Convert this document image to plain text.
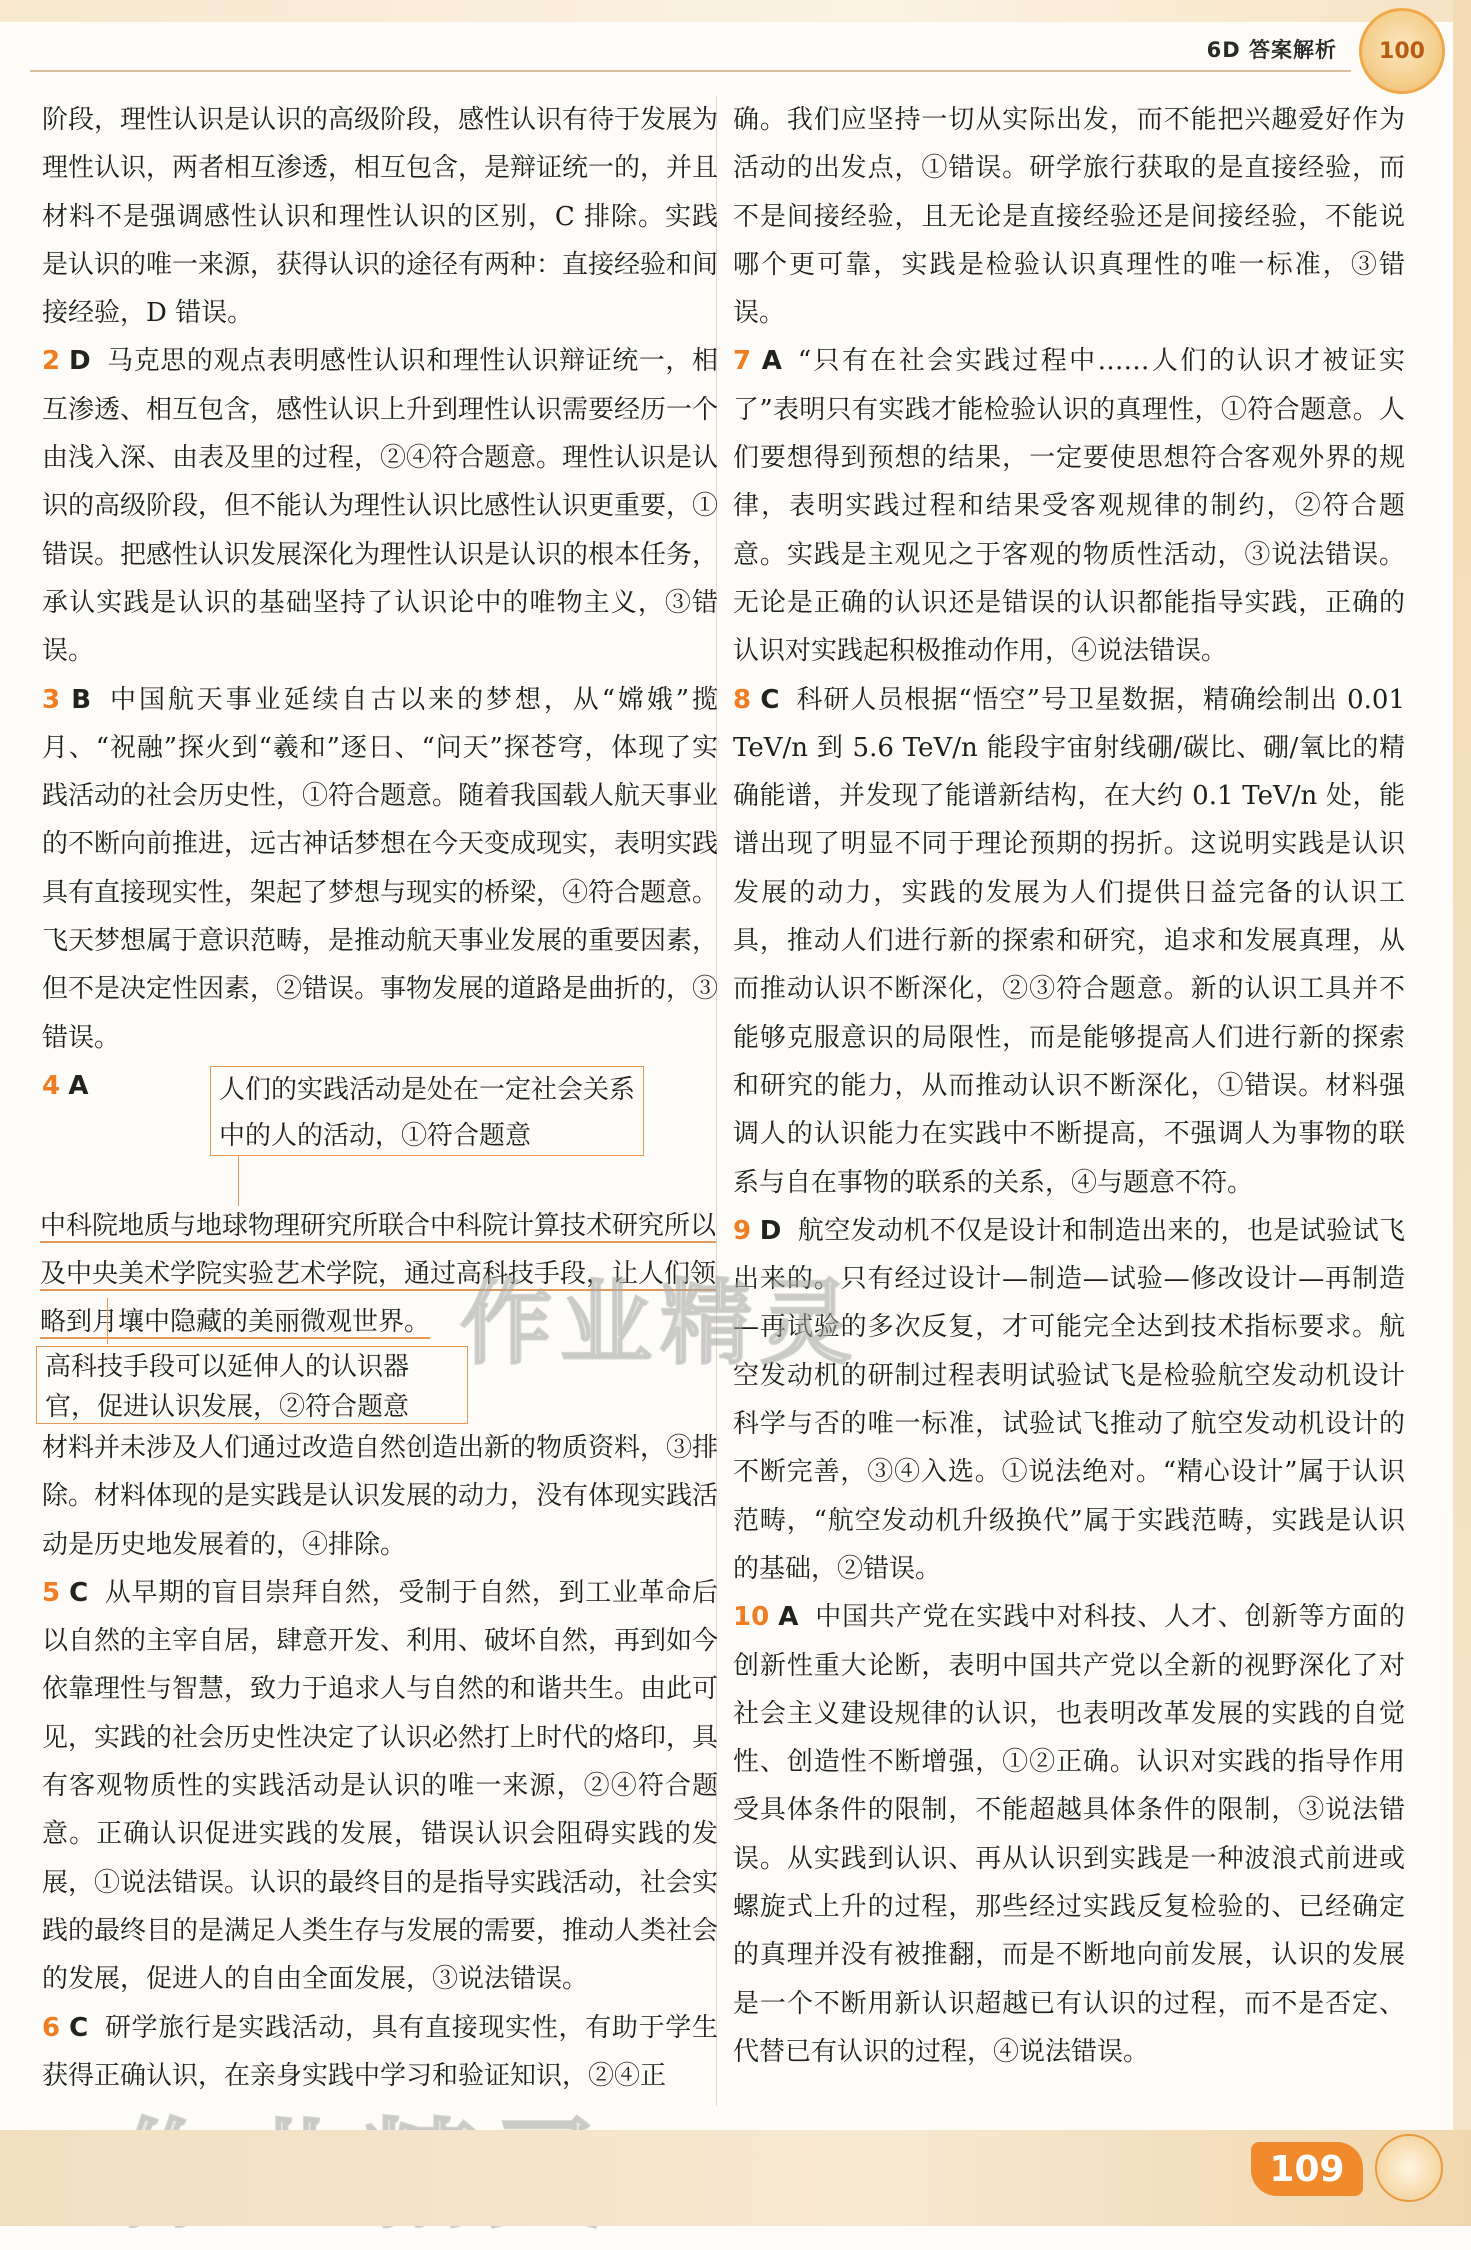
6D 答案解析 100

阶段，理性认识是认识的高级阶段，感性认识有待于发展为理性认识，两者相互渗透，相互包含，是辩证统一的，并且材料不是强调感性认识和理性认识的区别，C 排除。实践是认识的唯一来源，获得认识的途径有两种：直接经验和间接经验，D 错误。

2 D 马克思的观点表明感性认识和理性认识辩证统一，相互渗透、相互包含，感性认识上升到理性认识需要经历一个由浅入深、由表及里的过程，②④符合题意。理性认识是认识的高级阶段，但不能认为理性认识比感性认识更重要，①错误。把感性认识发展深化为理性认识是认识的根本任务，承认实践是认识的基础坚持了认识论中的唯物主义，③错误。

3 B 中国航天事业延续自古以来的梦想，从“嫦娥”揽月、“祝融”探火到“羲和”逐日、“问天”探苍穹，体现了实践活动的社会历史性，①符合题意。随着我国载人航天事业的不断向前推进，远古神话梦想在今天变成现实，表明实践具有直接现实性，架起了梦想与现实的桥梁，④符合题意。飞天梦想属于意识范畴，是推动航天事业发展的重要因素，但不是决定性因素，②错误。事物发展的道路是曲折的，③错误。

4 A	人们的实践活动是处在一定社会关系中的人的活动，①符合题意
中科院地质与地球物理研究所联合中科院计算技术研究所以及中央美术学院实验艺术学院，通过高科技手段，让人们领略到月壤中隐藏的美丽微观世界。
高科技手段可以延伸人的认识器官，促进认识发展，②符合题意

材料并未涉及人们通过改造自然创造出新的物质资料，③排除。材料体现的是实践是认识发展的动力，没有体现实践活动是历史地发展着的，④排除。

5 C 从早期的盲目崇拜自然，受制于自然，到工业革命后以自然的主宰自居，肆意开发、利用、破坏自然，再到如今依靠理性与智慧，致力于追求人与自然的和谐共生。由此可见，实践的社会历史性决定了认识必然打上时代的烙印，具有客观物质性的实践活动是认识的唯一来源，②④符合题意。正确认识促进实践的发展，错误认识会阻碍实践的发展，①说法错误。认识的最终目的是指导实践活动，社会实践的最终目的是满足人类生存与发展的需要，推动人类社会的发展，促进人的自由全面发展，③说法错误。

6 C 研学旅行是实践活动，具有直接现实性，有助于学生获得正确认识，在亲身实践中学习和验证知识，②④正

确。我们应坚持一切从实际出发，而不能把兴趣爱好作为活动的出发点，①错误。研学旅行获取的是直接经验，而不是间接经验，且无论是直接经验还是间接经验，不能说哪个更可靠，实践是检验认识真理性的唯一标准，③错误。

7 A “只有在社会实践过程中……人们的认识才被证实了”表明只有实践才能检验认识的真理性，①符合题意。人们要想得到预想的结果，一定要使思想符合客观外界的规律，表明实践过程和结果受客观规律的制约，②符合题意。实践是主观见之于客观的物质性活动，③说法错误。无论是正确的认识还是错误的认识都能指导实践，正确的认识对实践起积极推动作用，④说法错误。

8 C 科研人员根据“悟空”号卫星数据，精确绘制出 0.01 TeV/n 到 5.6 TeV/n 能段宇宙射线硼/碳比、硼/氧比的精确能谱，并发现了能谱新结构，在大约 0.1 TeV/n 处，能谱出现了明显不同于理论预期的拐折。这说明实践是认识发展的动力，实践的发展为人们提供日益完备的认识工具，推动人们进行新的探索和研究，追求和发展真理，从而推动认识不断深化，②③符合题意。新的认识工具并不能够克服意识的局限性，而是能够提高人们进行新的探索和研究的能力，从而推动认识不断深化，①错误。材料强调人的认识能力在实践中不断提高，不强调人为事物的联系与自在事物的联系的关系，④与题意不符。

9 D 航空发动机不仅是设计和制造出来的，也是试验试飞出来的。只有经过设计—制造—试验—修改设计—再制造—再试验的多次反复，才可能完全达到技术指标要求。航空发动机的研制过程表明试验试飞是检验航空发动机设计科学与否的唯一标准，试验试飞推动了航空发动机设计的不断完善，③④入选。①说法绝对。“精心设计”属于认识范畴，“航空发动机升级换代”属于实践范畴，实践是认识的基础，②错误。

10 A 中国共产党在实践中对科技、人才、创新等方面的创新性重大论断，表明中国共产党以全新的视野深化了对社会主义建设规律的认识，也表明改革发展的实践的自觉性、创造性不断增强，①②正确。认识对实践的指导作用受具体条件的限制，不能超越具体条件的限制，③说法错误。从实践到认识、再从认识到实践是一种波浪式前进或螺旋式上升的过程，那些经过实践反复检验的、已经确定的真理并没有被推翻，而是不断地向前发展，认识的发展是一个不断用新认识超越已有认识的过程，而不是否定、代替已有认识的过程，④说法错误。

作业精灵
109
